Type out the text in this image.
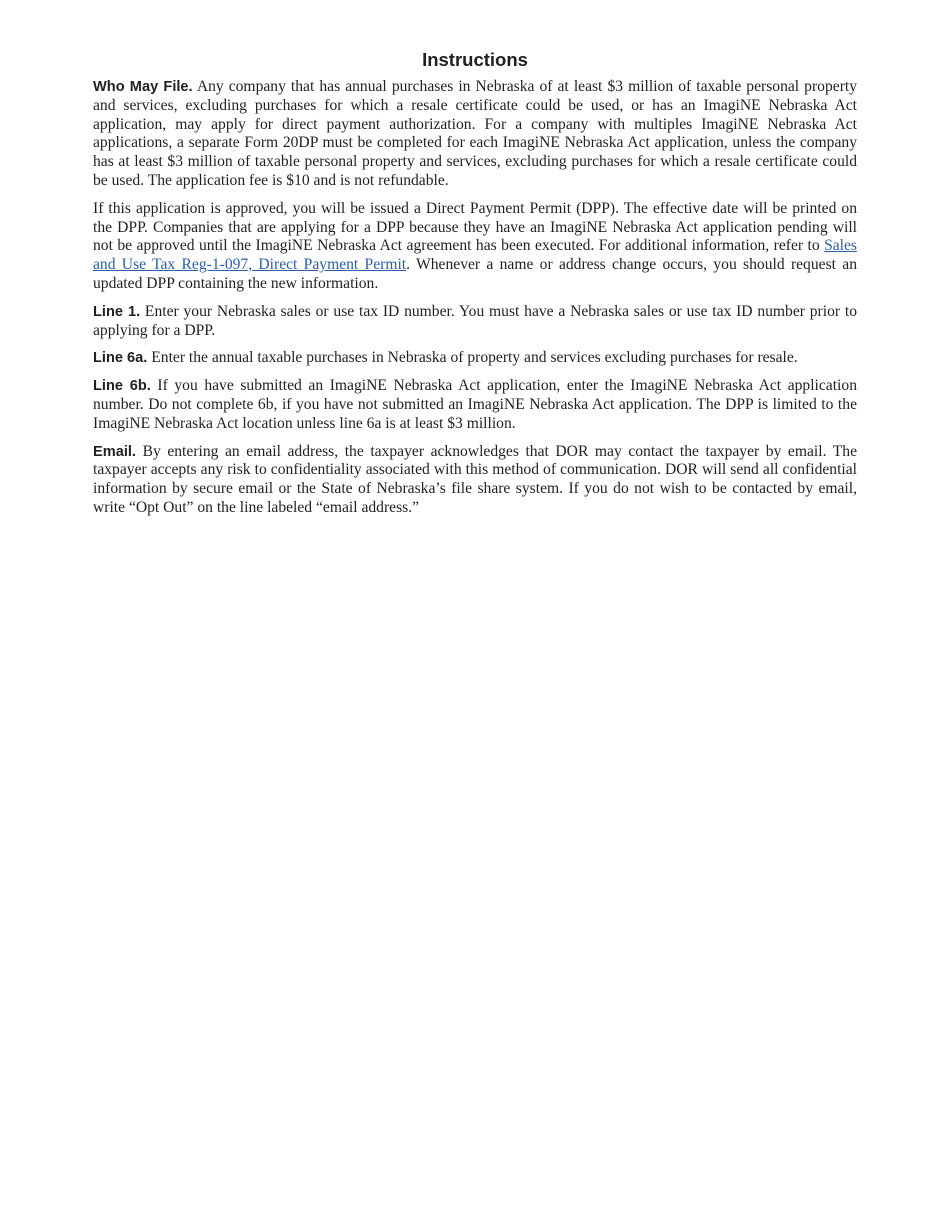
Instructions

Who May File. Any company that has annual purchases in Nebraska of at least $3 million of taxable personal property and services, excluding purchases for which a resale certificate could be used, or has an ImagiNE Nebraska Act application, may apply for direct payment authorization. For a company with multiples ImagiNE Nebraska Act applications, a separate Form 20DP must be completed for each ImagiNE Nebraska Act application, unless the company has at least $3 million of taxable personal property and services, excluding purchases for which a resale certificate could be used. The application fee is $10 and is not refundable.

If this application is approved, you will be issued a Direct Payment Permit (DPP). The effective date will be printed on the DPP. Companies that are applying for a DPP because they have an ImagiNE Nebraska Act application pending will not be approved until the ImagiNE Nebraska Act agreement has been executed. For additional information, refer to Sales and Use Tax Reg-1-097, Direct Payment Permit. Whenever a name or address change occurs, you should request an updated DPP containing the new information.

Line 1. Enter your Nebraska sales or use tax ID number. You must have a Nebraska sales or use tax ID number prior to applying for a DPP.

Line 6a. Enter the annual taxable purchases in Nebraska of property and services excluding purchases for resale.

Line 6b. If you have submitted an ImagiNE Nebraska Act application, enter the ImagiNE Nebraska Act application number. Do not complete 6b, if you have not submitted an ImagiNE Nebraska Act application. The DPP is limited to the ImagiNE Nebraska Act location unless line 6a is at least $3 million.

Email. By entering an email address, the taxpayer acknowledges that DOR may contact the taxpayer by email. The taxpayer accepts any risk to confidentiality associated with this method of communication. DOR will send all confidential information by secure email or the State of Nebraska’s file share system. If you do not wish to be contacted by email, write “Opt Out” on the line labeled “email address.”
